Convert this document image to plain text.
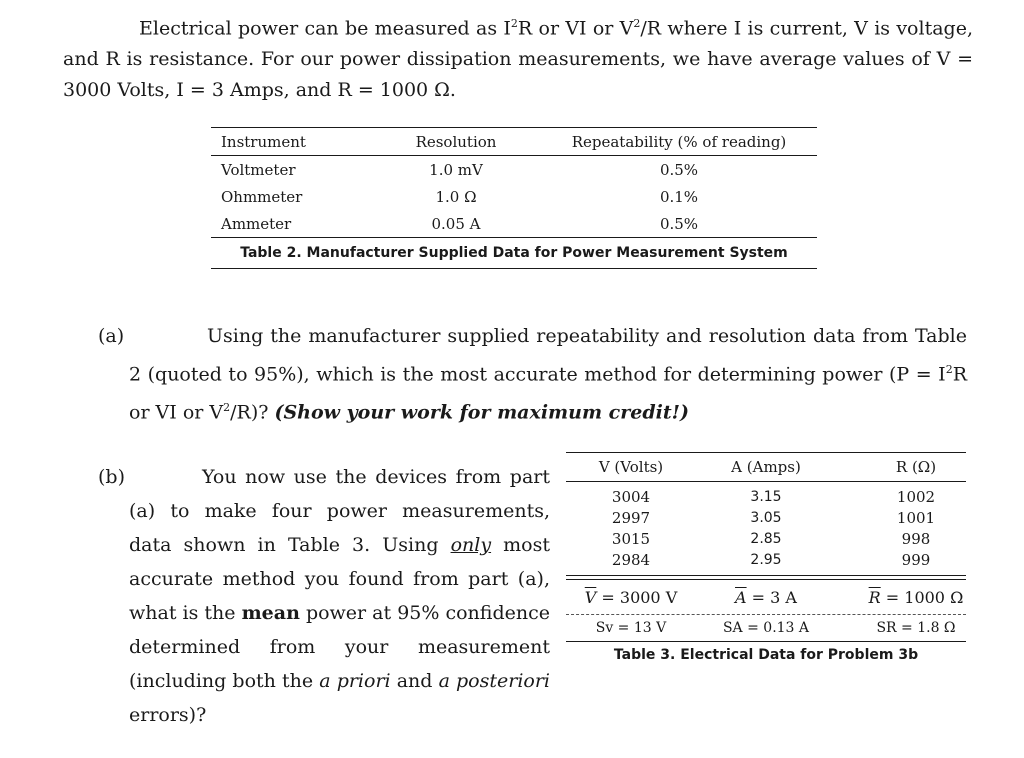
Electrical power can be measured as $I^2R$ or VI or $V^2/R$ where I is current, V is voltage, and R is resistance. For our power dissipation measurements, we have average values of V = 3000 Volts, I = 3 Amps, and R = 1000 Ω.

Instrument	Resolution	Repeatability (% of reading)
Voltmeter	1.0 mV	0.5%
Ohmmeter	1.0 Ω	0.1%
Ammeter	0.05 A	0.5%
Table 2. Manufacturer Supplied Data for Power Measurement System
(a)	Using the manufacturer supplied repeatability and resolution data from Table 2 (quoted to 95%), which is the most accurate method for determining power ($P = I^2R$ or VI or $V^2/R$)? (Show your work for maximum credit!)

(b)	You now use the devices from part (a) to make four power measurements, data shown in Table 3. Using only most accurate method you found from part (a), what is the mean power at 95% confidence determined from your measurement (including both the a priori and a posteriori errors)?

V (Volts)	A (Amps)	R (Ω)
3004	3.15	1002
2997	3.05	1001
3015	2.85	998
2984	2.95	999
$\overline{V} = 3000$ V	$\overline{A} = 3$ A	$\overline{R} = 1000$ Ω
Sv = 13 V	SA = 0.13 A	SR = 1.8 Ω
Table 3. Electrical Data for Problem 3b
